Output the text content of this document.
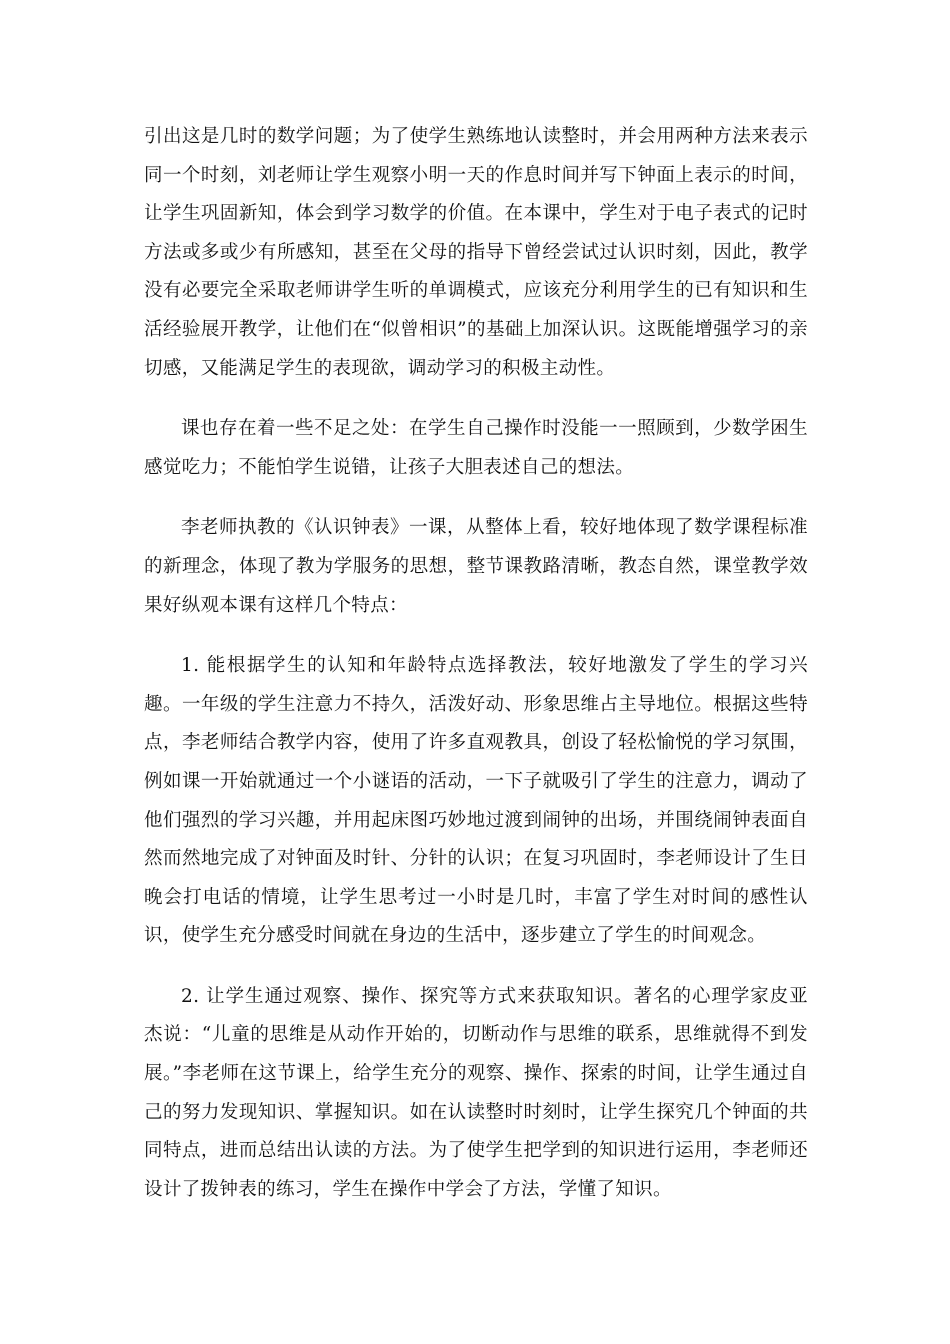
引出这是几时的数学问题；为了使学生熟练地认读整时，并会用两种方法来表示同一个时刻，刘老师让学生观察小明一天的作息时间并写下钟面上表示的时间，让学生巩固新知，体会到学习数学的价值。在本课中，学生对于电子表式的记时方法或多或少有所感知，甚至在父母的指导下曾经尝试过认识时刻，因此，教学没有必要完全采取老师讲学生听的单调模式，应该充分利用学生的已有知识和生活经验展开教学，让他们在“似曾相识”的基础上加深认识。这既能增强学习的亲切感，又能满足学生的表现欲，调动学习的积极主动性。

课也存在着一些不足之处：在学生自己操作时没能一一照顾到，少数学困生感觉吃力；不能怕学生说错，让孩子大胆表述自己的想法。

李老师执教的《认识钟表》一课，从整体上看，较好地体现了数学课程标准的新理念，体现了教为学服务的思想，整节课教路清晰，教态自然，课堂教学效果好纵观本课有这样几个特点：

1. 能根据学生的认知和年龄特点选择教法，较好地激发了学生的学习兴趣。一年级的学生注意力不持久，活泼好动、形象思维占主导地位。根据这些特点，李老师结合教学内容，使用了许多直观教具，创设了轻松愉悦的学习氛围，例如课一开始就通过一个小谜语的活动，一下子就吸引了学生的注意力，调动了他们强烈的学习兴趣，并用起床图巧妙地过渡到闹钟的出场，并围绕闹钟表面自然而然地完成了对钟面及时针、分针的认识；在复习巩固时，李老师设计了生日晚会打电话的情境，让学生思考过一小时是几时，丰富了学生对时间的感性认识，使学生充分感受时间就在身边的生活中，逐步建立了学生的时间观念。

2. 让学生通过观察、操作、探究等方式来获取知识。著名的心理学家皮亚杰说：“儿童的思维是从动作开始的，切断动作与思维的联系，思维就得不到发展。”李老师在这节课上，给学生充分的观察、操作、探索的时间，让学生通过自己的努力发现知识、掌握知识。如在认读整时时刻时，让学生探究几个钟面的共同特点，进而总结出认读的方法。为了使学生把学到的知识进行运用，李老师还设计了拨钟表的练习，学生在操作中学会了方法，学懂了知识。
